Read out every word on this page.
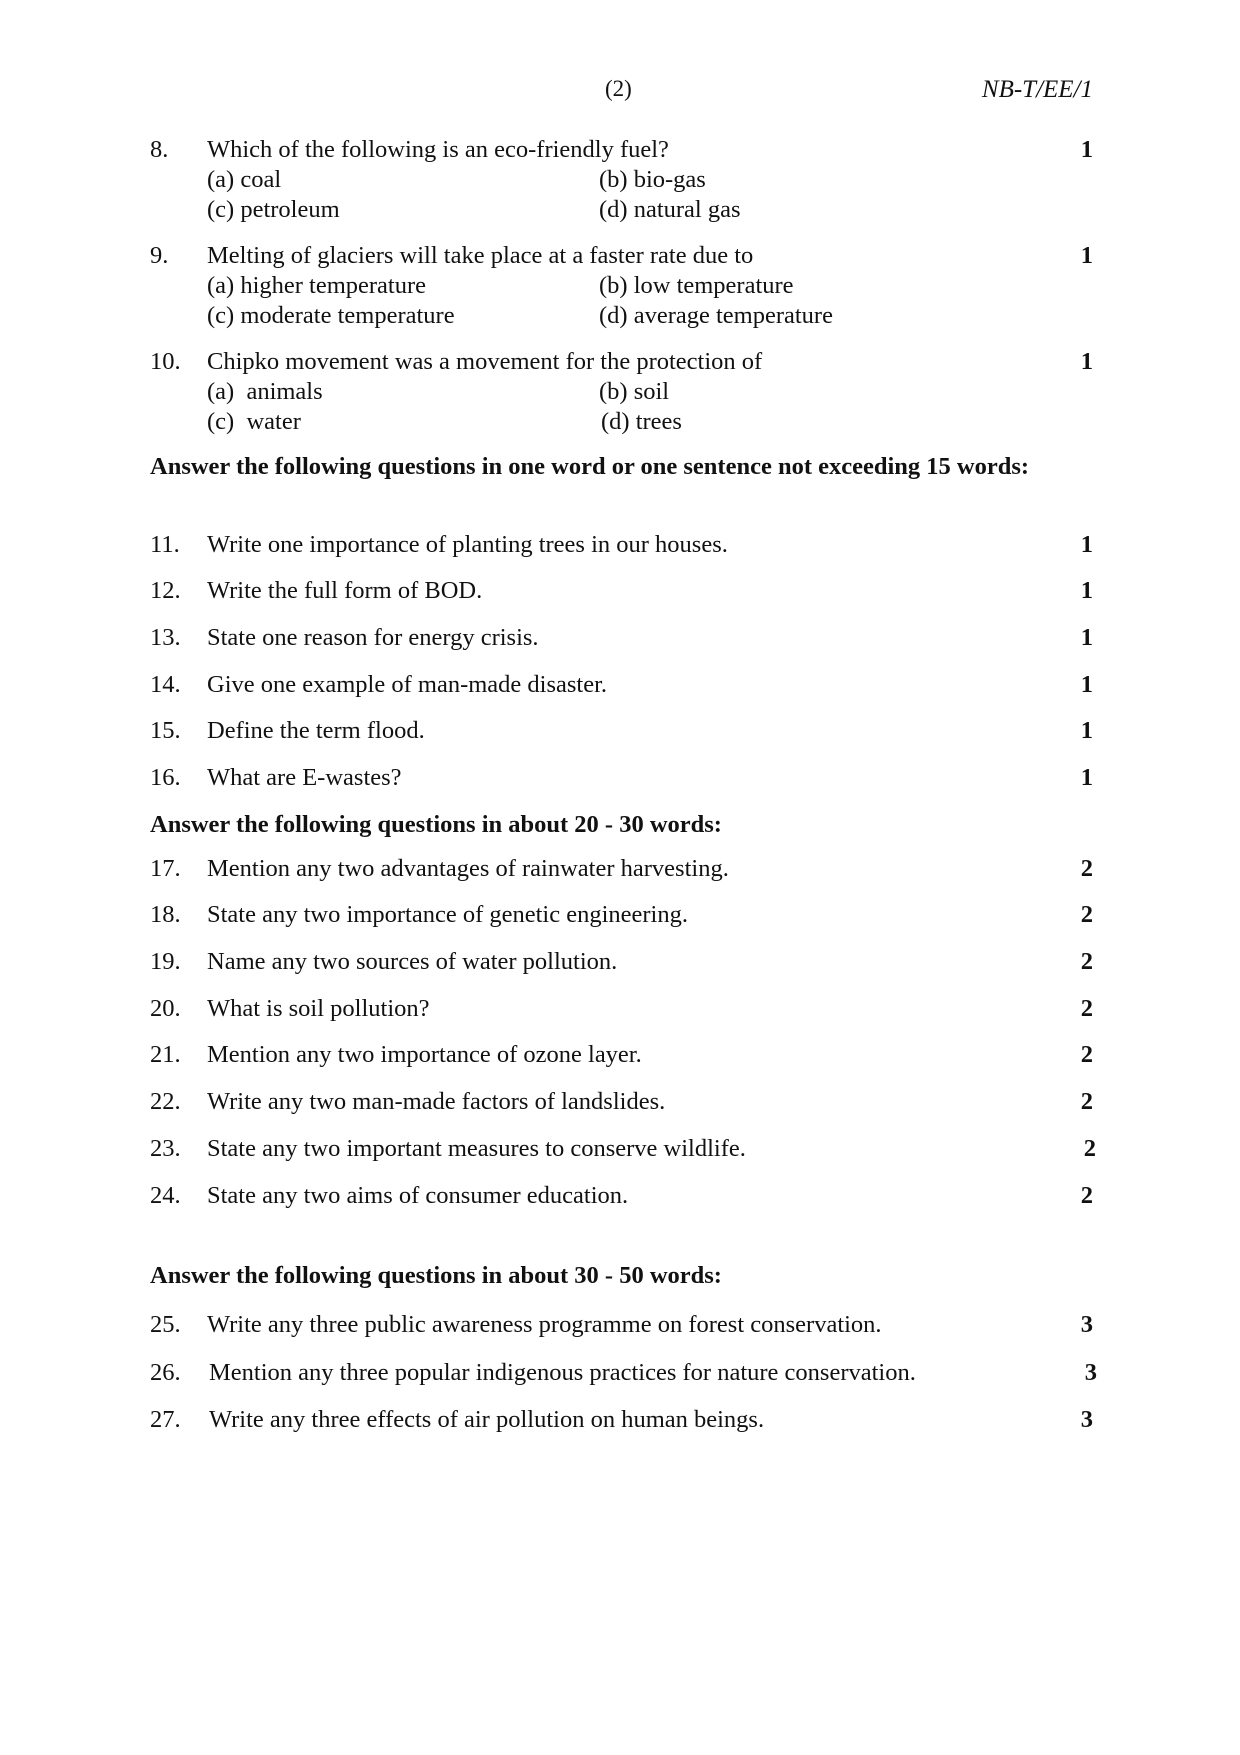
(2)	NB-T/EE/1
8. Which of the following is an eco-friendly fuel?	1
(a) coal	(b) bio-gas
(c) petroleum	(d) natural gas
9. Melting of glaciers will take place at a faster rate due to	1
(a) higher temperature	(b) low temperature
(c) moderate temperature	(d) average temperature
10. Chipko movement was a movement for the protection of	1
(a)  animals	(b) soil
(c)  water	(d) trees
Answer the following questions in one word or one sentence not exceeding 15 words:
11. Write one importance of planting trees in our houses.	1
12. Write the full form of BOD.	1
13. State one reason for energy crisis.	1
14. Give one example of man-made disaster.	1
15. Define the term flood.	1
16. What are E-wastes?	1
Answer the following questions in about 20 - 30 words:
17. Mention any two advantages of rainwater harvesting.	2
18. State any two importance of genetic engineering.	2
19. Name any two sources of water pollution.	2
20. What is soil pollution?	2
21. Mention any two importance of ozone layer.	2
22. Write any two man-made factors of landslides.	2
23. State any two important measures to conserve wildlife.	2
24. State any two aims of consumer education.	2
Answer the following questions in about 30 - 50 words:
25. Write any three public awareness programme on forest conservation.	3
26. Mention any three popular indigenous practices for nature conservation.	3
27. Write any three effects of air pollution on human beings.	3
